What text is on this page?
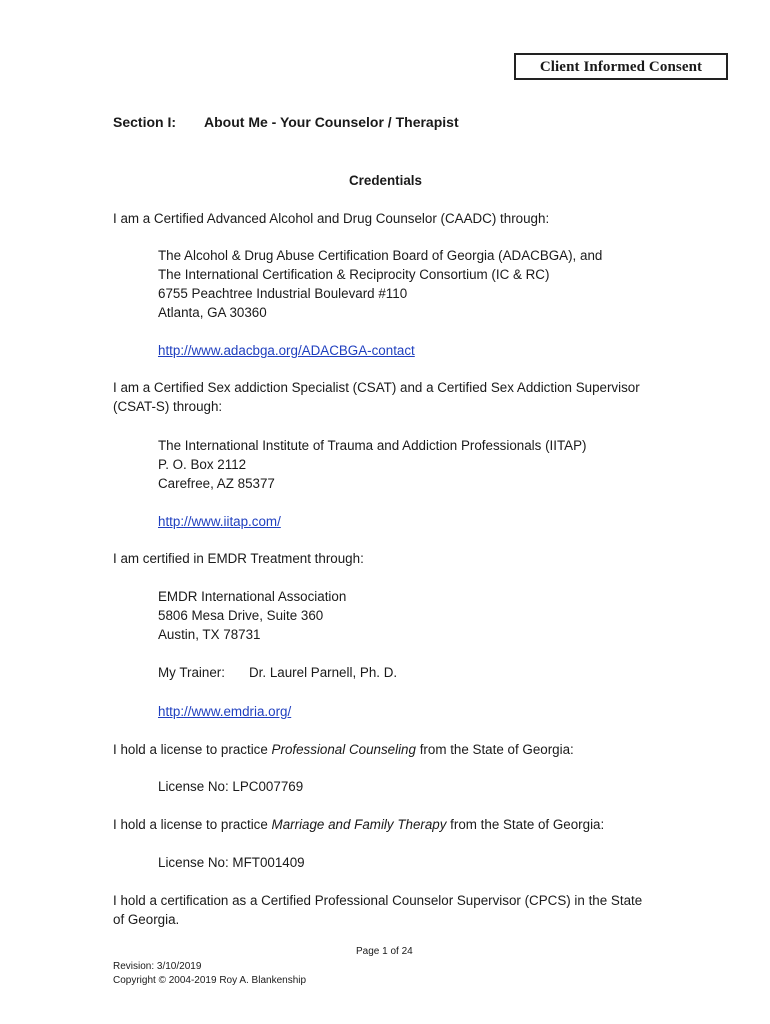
Client Informed Consent
Section I: About Me - Your Counselor / Therapist
Credentials
I am a Certified Advanced Alcohol and Drug Counselor (CAADC) through:
The Alcohol & Drug Abuse Certification Board of Georgia (ADACBGA), and
The International Certification & Reciprocity Consortium (IC & RC)
6755 Peachtree Industrial Boulevard #110
Atlanta, GA 30360
http://www.adacbga.org/ADACBGA-contact
I am a Certified Sex addiction Specialist (CSAT) and a Certified Sex Addiction Supervisor
(CSAT-S) through:
The International Institute of Trauma and Addiction Professionals (IITAP)
P. O. Box 2112
Carefree, AZ 85377
http://www.iitap.com/
I am certified in EMDR Treatment through:
EMDR International Association
5806 Mesa Drive, Suite 360
Austin, TX 78731
My Trainer: Dr. Laurel Parnell, Ph. D.
http://www.emdria.org/
I hold a license to practice Professional Counseling from the State of Georgia:
License No: LPC007769
I hold a license to practice Marriage and Family Therapy from the State of Georgia:
License No: MFT001409
I hold a certification as a Certified Professional Counselor Supervisor (CPCS) in the State
of Georgia.
Page 1 of 24
Revision: 3/10/2019
Copyright © 2004-2019 Roy A. Blankenship
